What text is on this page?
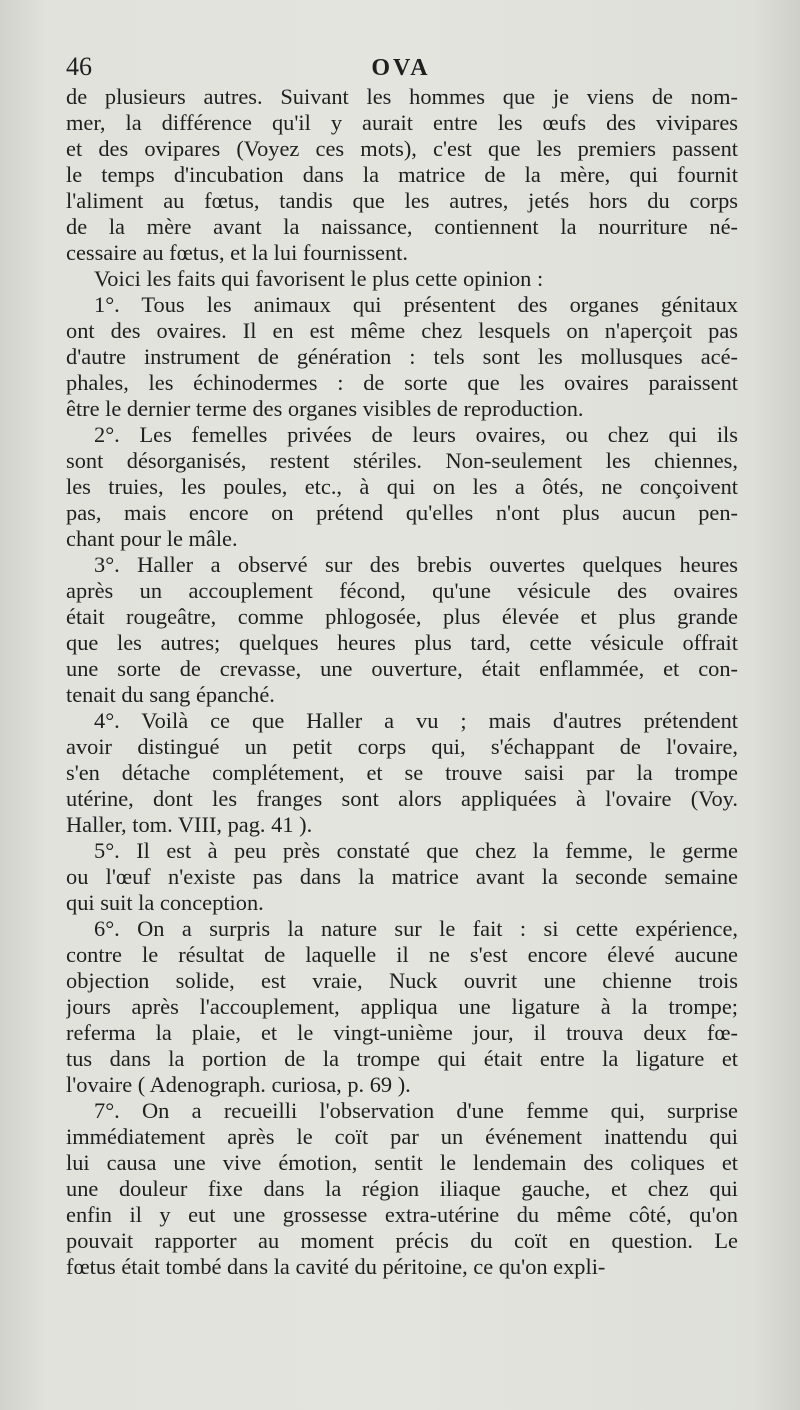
46	OVA

de plusieurs autres. Suivant les hommes que je viens de nom-
mer, la différence qu'il y aurait entre les œufs des vivipares
et des ovipares (Voyez ces mots), c'est que les premiers passent
le temps d'incubation dans la matrice de la mère, qui fournit
l'aliment au fœtus, tandis que les autres, jetés hors du corps
de la mère avant la naissance, contiennent la nourriture né-
cessaire au fœtus, et la lui fournissent.

Voici les faits qui favorisent le plus cette opinion :

1°. Tous les animaux qui présentent des organes génitaux
ont des ovaires. Il en est même chez lesquels on n'aperçoit pas
d'autre instrument de génération : tels sont les mollusques acé-
phales, les échinodermes : de sorte que les ovaires paraissent
être le dernier terme des organes visibles de reproduction.

2°. Les femelles privées de leurs ovaires, ou chez qui ils
sont désorganisés, restent stériles. Non-seulement les chiennes,
les truies, les poules, etc., à qui on les a ôtés, ne conçoivent
pas, mais encore on prétend qu'elles n'ont plus aucun pen-
chant pour le mâle.

3°. Haller a observé sur des brebis ouvertes quelques heures
après un accouplement fécond, qu'une vésicule des ovaires
était rougeâtre, comme phlogosée, plus élevée et plus grande
que les autres; quelques heures plus tard, cette vésicule offrait
une sorte de crevasse, une ouverture, était enflammée, et con-
tenait du sang épanché.

4°. Voilà ce que Haller a vu ; mais d'autres prétendent
avoir distingué un petit corps qui, s'échappant de l'ovaire,
s'en détache complétement, et se trouve saisi par la trompe
utérine, dont les franges sont alors appliquées à l'ovaire (Voy.
Haller, tom. VIII, pag. 41 ).

5°. Il est à peu près constaté que chez la femme, le germe
ou l'œuf n'existe pas dans la matrice avant la seconde semaine
qui suit la conception.

6°. On a surpris la nature sur le fait : si cette expérience,
contre le résultat de laquelle il ne s'est encore élevé aucune
objection solide, est vraie, Nuck ouvrit une chienne trois
jours après l'accouplement, appliqua une ligature à la trompe;
referma la plaie, et le vingt-unième jour, il trouva deux fœ-
tus dans la portion de la trompe qui était entre la ligature et
l'ovaire ( Adenograph. curiosa, p. 69 ).

7°. On a recueilli l'observation d'une femme qui, surprise
immédiatement après le coït par un événement inattendu qui
lui causa une vive émotion, sentit le lendemain des coliques et
une douleur fixe dans la région iliaque gauche, et chez qui
enfin il y eut une grossesse extra-utérine du même côté, qu'on
pouvait rapporter au moment précis du coït en question. Le
fœtus était tombé dans la cavité du péritoine, ce qu'on expli-
